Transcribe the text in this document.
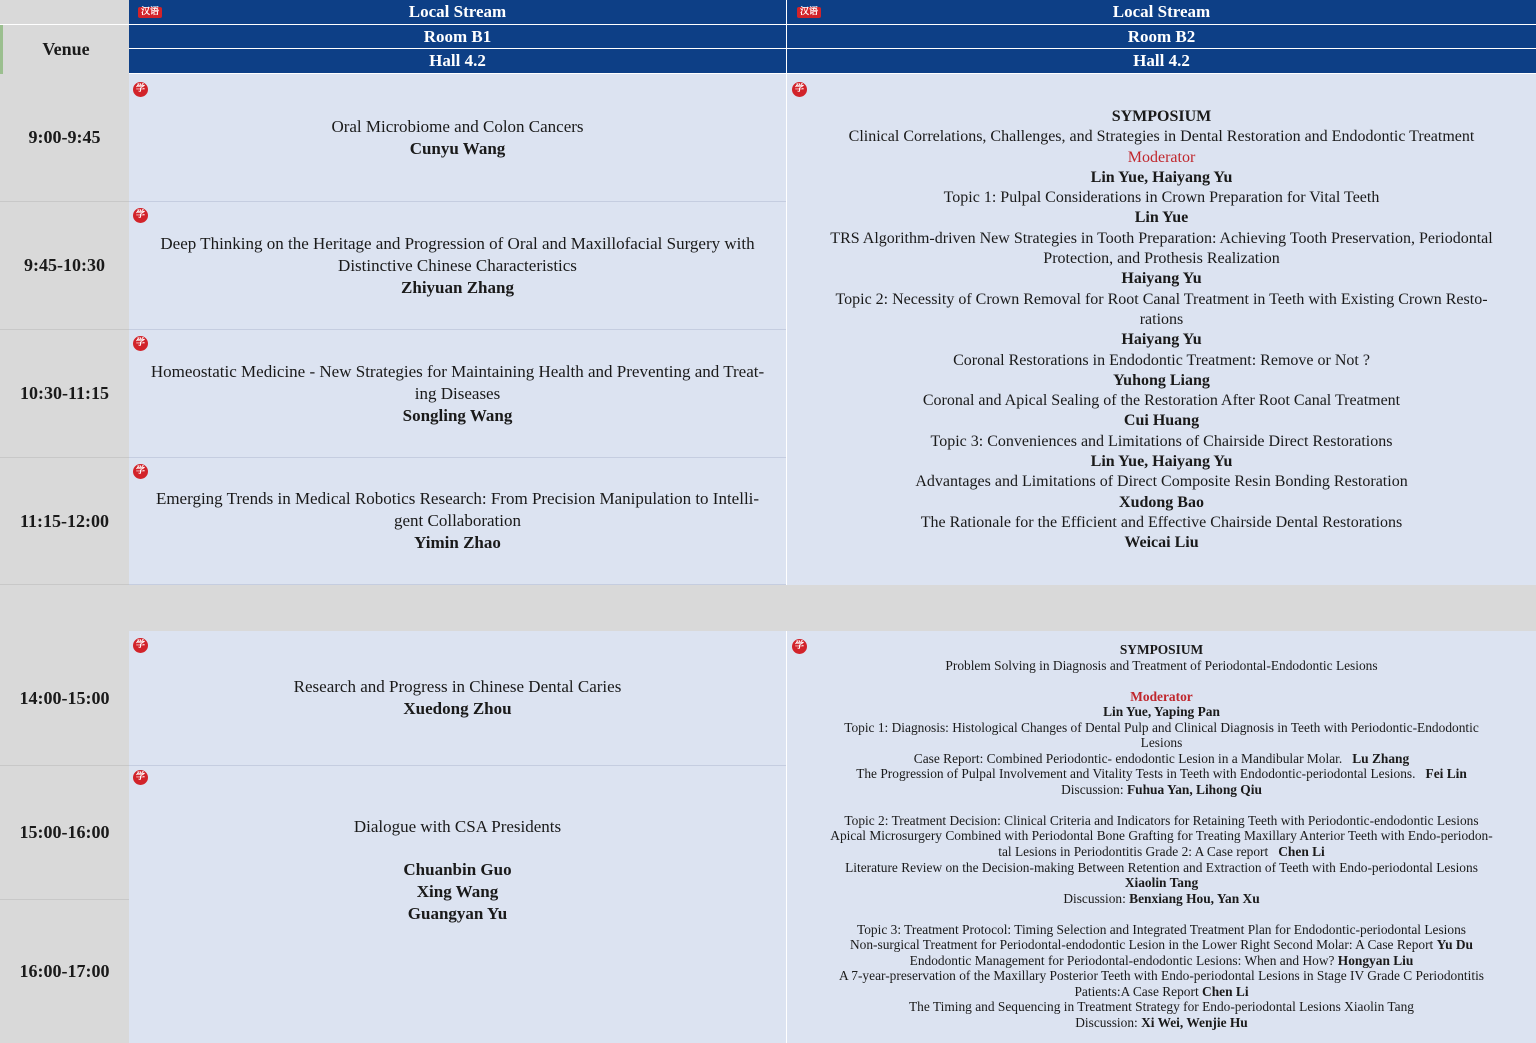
Venue
Local Stream
汉语
Room B1
Hall 4.2
Local Stream
汉语
Room B2
Hall 4.2
9:00-9:45
9:45-10:30
10:30-11:15
11:15-12:00
学
Oral Microbiome and Colon Cancers
Cunyu Wang
学
Deep Thinking on the Heritage and Progression of Oral and Maxillofacial Surgery with
Distinctive Chinese Characteristics
Zhiyuan Zhang
学
Homeostatic Medicine - New Strategies for Maintaining Health and Preventing and Treat-
ing Diseases
Songling Wang
学
Emerging Trends in Medical Robotics Research: From Precision Manipulation to Intelli-
gent Collaboration
Yimin Zhao
学
SYMPOSIUM
Clinical Correlations, Challenges, and Strategies in Dental Restoration and Endodontic Treatment
Moderator
Lin Yue, Haiyang Yu
Topic 1: Pulpal Considerations in Crown Preparation for Vital Teeth
Lin Yue
TRS Algorithm-driven New Strategies in Tooth Preparation: Achieving Tooth Preservation, Periodontal
Protection, and Prothesis Realization
Haiyang Yu
Topic 2: Necessity of Crown Removal for Root Canal Treatment in Teeth with Existing Crown Resto-
rations
Haiyang Yu
Coronal Restorations in Endodontic Treatment: Remove or Not ?
Yuhong Liang
Coronal and Apical Sealing of the Restoration After Root Canal Treatment
Cui Huang
Topic 3: Conveniences and Limitations of Chairside Direct Restorations
Lin Yue, Haiyang Yu
Advantages and Limitations of Direct Composite Resin Bonding Restoration
Xudong Bao
The Rationale for the Efficient and Effective Chairside Dental Restorations
Weicai Liu
14:00-15:00
15:00-16:00
16:00-17:00
学
Research and Progress in Chinese Dental Caries
Xuedong Zhou
学
Dialogue with CSA Presidents
Chuanbin Guo
Xing Wang
Guangyan Yu
学	SYMPOSIUM
Problem Solving in Diagnosis and Treatment of Periodontal-Endodontic Lesions
Moderator
Lin Yue, Yaping Pan
Topic 1: Diagnosis: Histological Changes of Dental Pulp and Clinical Diagnosis in Teeth with Periodontic-Endodontic
Lesions
Case Report: Combined Periodontic- endodontic Lesion in a Mandibular Molar.   Lu Zhang
The Progression of Pulpal Involvement and Vitality Tests in Teeth with Endodontic-periodontal Lesions.   Fei Lin
Discussion: Fuhua Yan, Lihong Qiu
Topic 2: Treatment Decision: Clinical Criteria and Indicators for Retaining Teeth with Periodontic-endodontic Lesions
Apical Microsurgery Combined with Periodontal Bone Grafting for Treating Maxillary Anterior Teeth with Endo-periodon-
tal Lesions in Periodontitis Grade 2: A Case report   Chen Li
Literature Review on the Decision-making Between Retention and Extraction of Teeth with Endo-periodontal Lesions
Xiaolin Tang
Discussion: Benxiang Hou, Yan Xu
Topic 3: Treatment Protocol: Timing Selection and Integrated Treatment Plan for Endodontic-periodontal Lesions
Non-surgical Treatment for Periodontal-endodontic Lesion in the Lower Right Second Molar: A Case Report Yu Du
Endodontic Management for Periodontal-endodontic Lesions: When and How? Hongyan Liu
A 7-year-preservation of the Maxillary Posterior Teeth with Endo-periodontal Lesions in Stage IV Grade C Periodontitis
Patients:A Case Report Chen Li
The Timing and Sequencing in Treatment Strategy for Endo-periodontal Lesions Xiaolin Tang
Discussion: Xi Wei, Wenjie Hu
